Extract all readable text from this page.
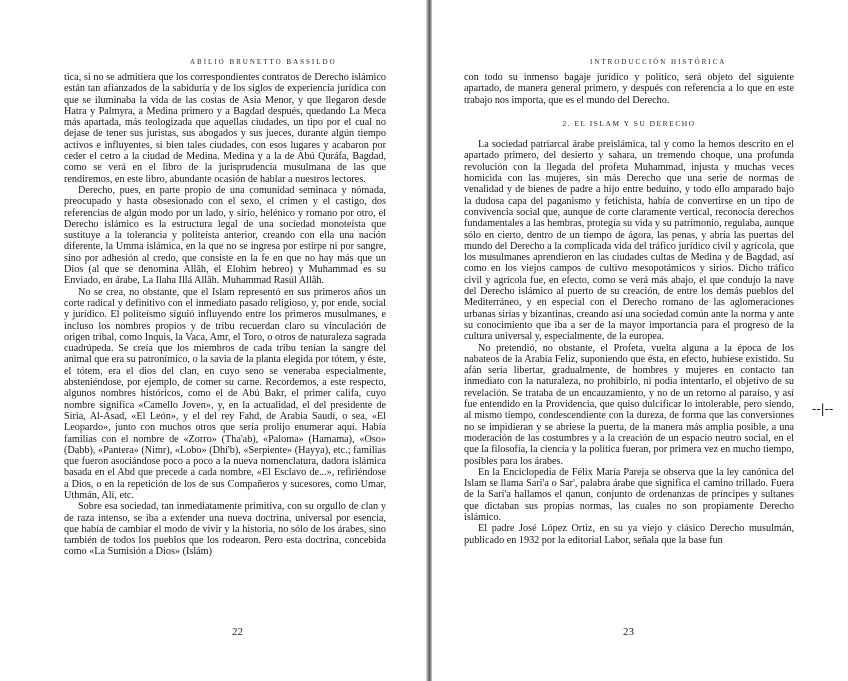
ABILIO BRUNETTO BASSILDO

tica, si no se admitiera que los correspondientes contratos de Derecho islámico están tan afianzados de la sabiduría y de los siglos de experiencia jurídica con que se iluminaba la vida de las costas de Asia Menor, y que llegaron desde Hatra y Palmyra, a Medina primero y a Bagdad después, quedando La Meca más apartada, más teologizada que aquellas ciudades, un tipo por el cual no dejase de tener sus juristas, sus abogados y sus jueces, durante algún tiempo activos e influyentes, si bien tales ciudades, con esos lugares y acabaron por ceder el cetro a la ciudad de Medina. Medina y a la de Abú Quráfa, Bagdad, como se verá en el libro de la jurisprudencia musulmana de las que rendiremos, en este libro, abundante ocasión de hablar a nuestros lectores.

Derecho, pues, en parte propio de una comunidad seminaca y nómada, preocupado y hasta obsesionado con el sexo, el crimen y el castigo, dos referencias de algún modo por un lado, y sirio, helénico y romano por otro, el Derecho islámico es la estructura legal de una sociedad monoteísta que sustituye a la tolerancia y politeísta anterior, creando con ella una nación diferente, la Umma islámica, en la que no se ingresa por estirpe ni por sangre, sino por adhesión al credo, que consiste en la fe en que no hay más que un Dios (al que se denomina Allâh, el Elohim hebreo) y Muhammad es su Enviado, en árabe, La Ilaha Illá Allâh. Muhammad Rasúl Allâh.

No se crea, no obstante, que el Islam representó en sus primeros años un corte radical y definitivo con el inmediato pasado religioso, y, por ende, social y jurídico. El politeísmo siguió influyendo entre los primeros musulmanes, e incluso los nombres propios y de tribu recuerdan claro su vinculación de origen tribal, como Inquis, la Vaca, Amr, el Toro, o otros de naturaleza sagrada cuadrúpeda. Se creía que los miembros de cada tribu tenían la sangre del animal que era su patronímico, o la savia de la planta elegida por tótem, y éste, el tótem, era el dios del clan, en cuyo seno se veneraba especialmente, absteniéndose, por ejemplo, de comer su carne. Recordemos, a este respecto, algunos nombres históricos, como el de Abú Bakr, el primer califa, cuyo nombre significa «Camello Joven», y, en la actualidad, el del presidente de Siria, Al-Asad, «El León», y el del rey Fahd, de Arabia Saudí, o sea, «El Leopardo», junto con muchos otros que sería prolijo enumerar aquí. Había familias con el nombre de «Zorro» (Tha'ab), «Paloma» (Hamama), «Oso» (Dabb), «Pantera» (Nimr), «Lobo» (Dhi'b), «Serpiente» (Hayya), etc.; familias que fueron asociándose poco a poco a la nueva nomenclatura, dadora islámica basada en el Abd que precede a cada nombre, «El Esclavo de...», refiriéndose a Dios, o en la repetición de los de sus Compañeros y sucesores, como Umar, Uthmán, Alí, etc.

Sobre esa sociedad, tan inmediatamente primitiva, con su orgullo de clan y de raza intenso, se iba a extender una nueva doctrina, universal por esencia, que había de cambiar el modo de vivir y la historia, no sólo de los árabes, sino también de todos los pueblos que los rodearon. Pero esta doctrina, concebida como «La Sumisión a Dios» (Islám)

22
INTRODUCCIÓN HISTÓRICA

con todo su inmenso bagaje jurídico y político, será objeto del siguiente apartado, de manera general primero, y después con referencia a lo que en este trabajo nos importa, que es el mundo del Derecho.

2. EL ISLAM Y SU DERECHO

La sociedad patriarcal árabe preislámica, tal y como la hemos descrito en el apartado primero, del desierto y sahara, un tremendo choque, una profunda revolución con la llegada del profeta Muhammad, injusta y muchas veces homicida con las mujeres, sin más Derecho que una serie de normas de venalidad y de bienes de padre a hijo entre beduino, y todo ello amparado bajo la dudosa capa del paganismo y fetichista, había de convertirse en un tipo de convivencia social que, aunque de corte claramente vertical, reconocía derechos fundamentales a las hembras, protegía su vida y su patrimonio, regulaba, aunque sólo en cierto, dentro de un tiempo de ágora, las penas, y abría las puertas del mundo del Derecho a la complicada vida del tráfico jurídico civil y agrícola, que los musulmanes aprendieron en las ciudades cultas de Medina y de Bagdad, así como en los viejos campos de cultivo mesopotámicos y sirios. Dicho tráfico civil y agrícola fue, en efecto, como se verá más abajo, el que condujo la nave del Derecho islámico al puerto de su creación, de entre los demás pueblos del Mediterráneo, y en especial con el Derecho romano de las aglomeraciones urbanas sirias y bizantinas, creando así una sociedad común ante la norma y ante su conocimiento que iba a ser de la mayor importancia para el progreso de la cultura universal y, especialmente, de la europea.

No pretendió, no obstante, el Profeta, vuelta alguna a la época de los nabateos de la Arabia Feliz, suponiendo que ésta, en efecto, hubiese existido. Su afán sería libertar, gradualmente, de hombres y mujeres en contacto tan inmediato con la naturaleza, no prohibirlo, ni podía intentarlo, el objetivo de su revelación. Se trataba de un encauzamiento, y no de un retorno al paraíso, y así fue entendido en la Providencia, que quiso dulcificar lo intolerable, pero siendo, al mismo tiempo, condescendiente con la dureza, de forma que las conversiones no se impidieran y se abriese la puerta, de la manera más amplia posible, a una moderación de las costumbres y a la creación de un espacio neutro social, en el que la filosofía, la ciencia y la política fueran, por primera vez en mucho tiempo, posibles para los árabes.

En la Enciclopedia de Félix María Pareja se observa que la ley canónica del Islam se llama Sari'a o Sar', palabra árabe que significa el camino trillado. Fuera de la Sari'a hallamos el qanun, conjunto de ordenanzas de príncipes y sultanes que dictaban sus propias normas, las cuales no son propiamente Derecho islámico.

El padre José López Ortiz, en su ya viejo y clásico Derecho musulmán, publicado en 1932 por la editorial Labor, señala que la base fun

--|--
23
